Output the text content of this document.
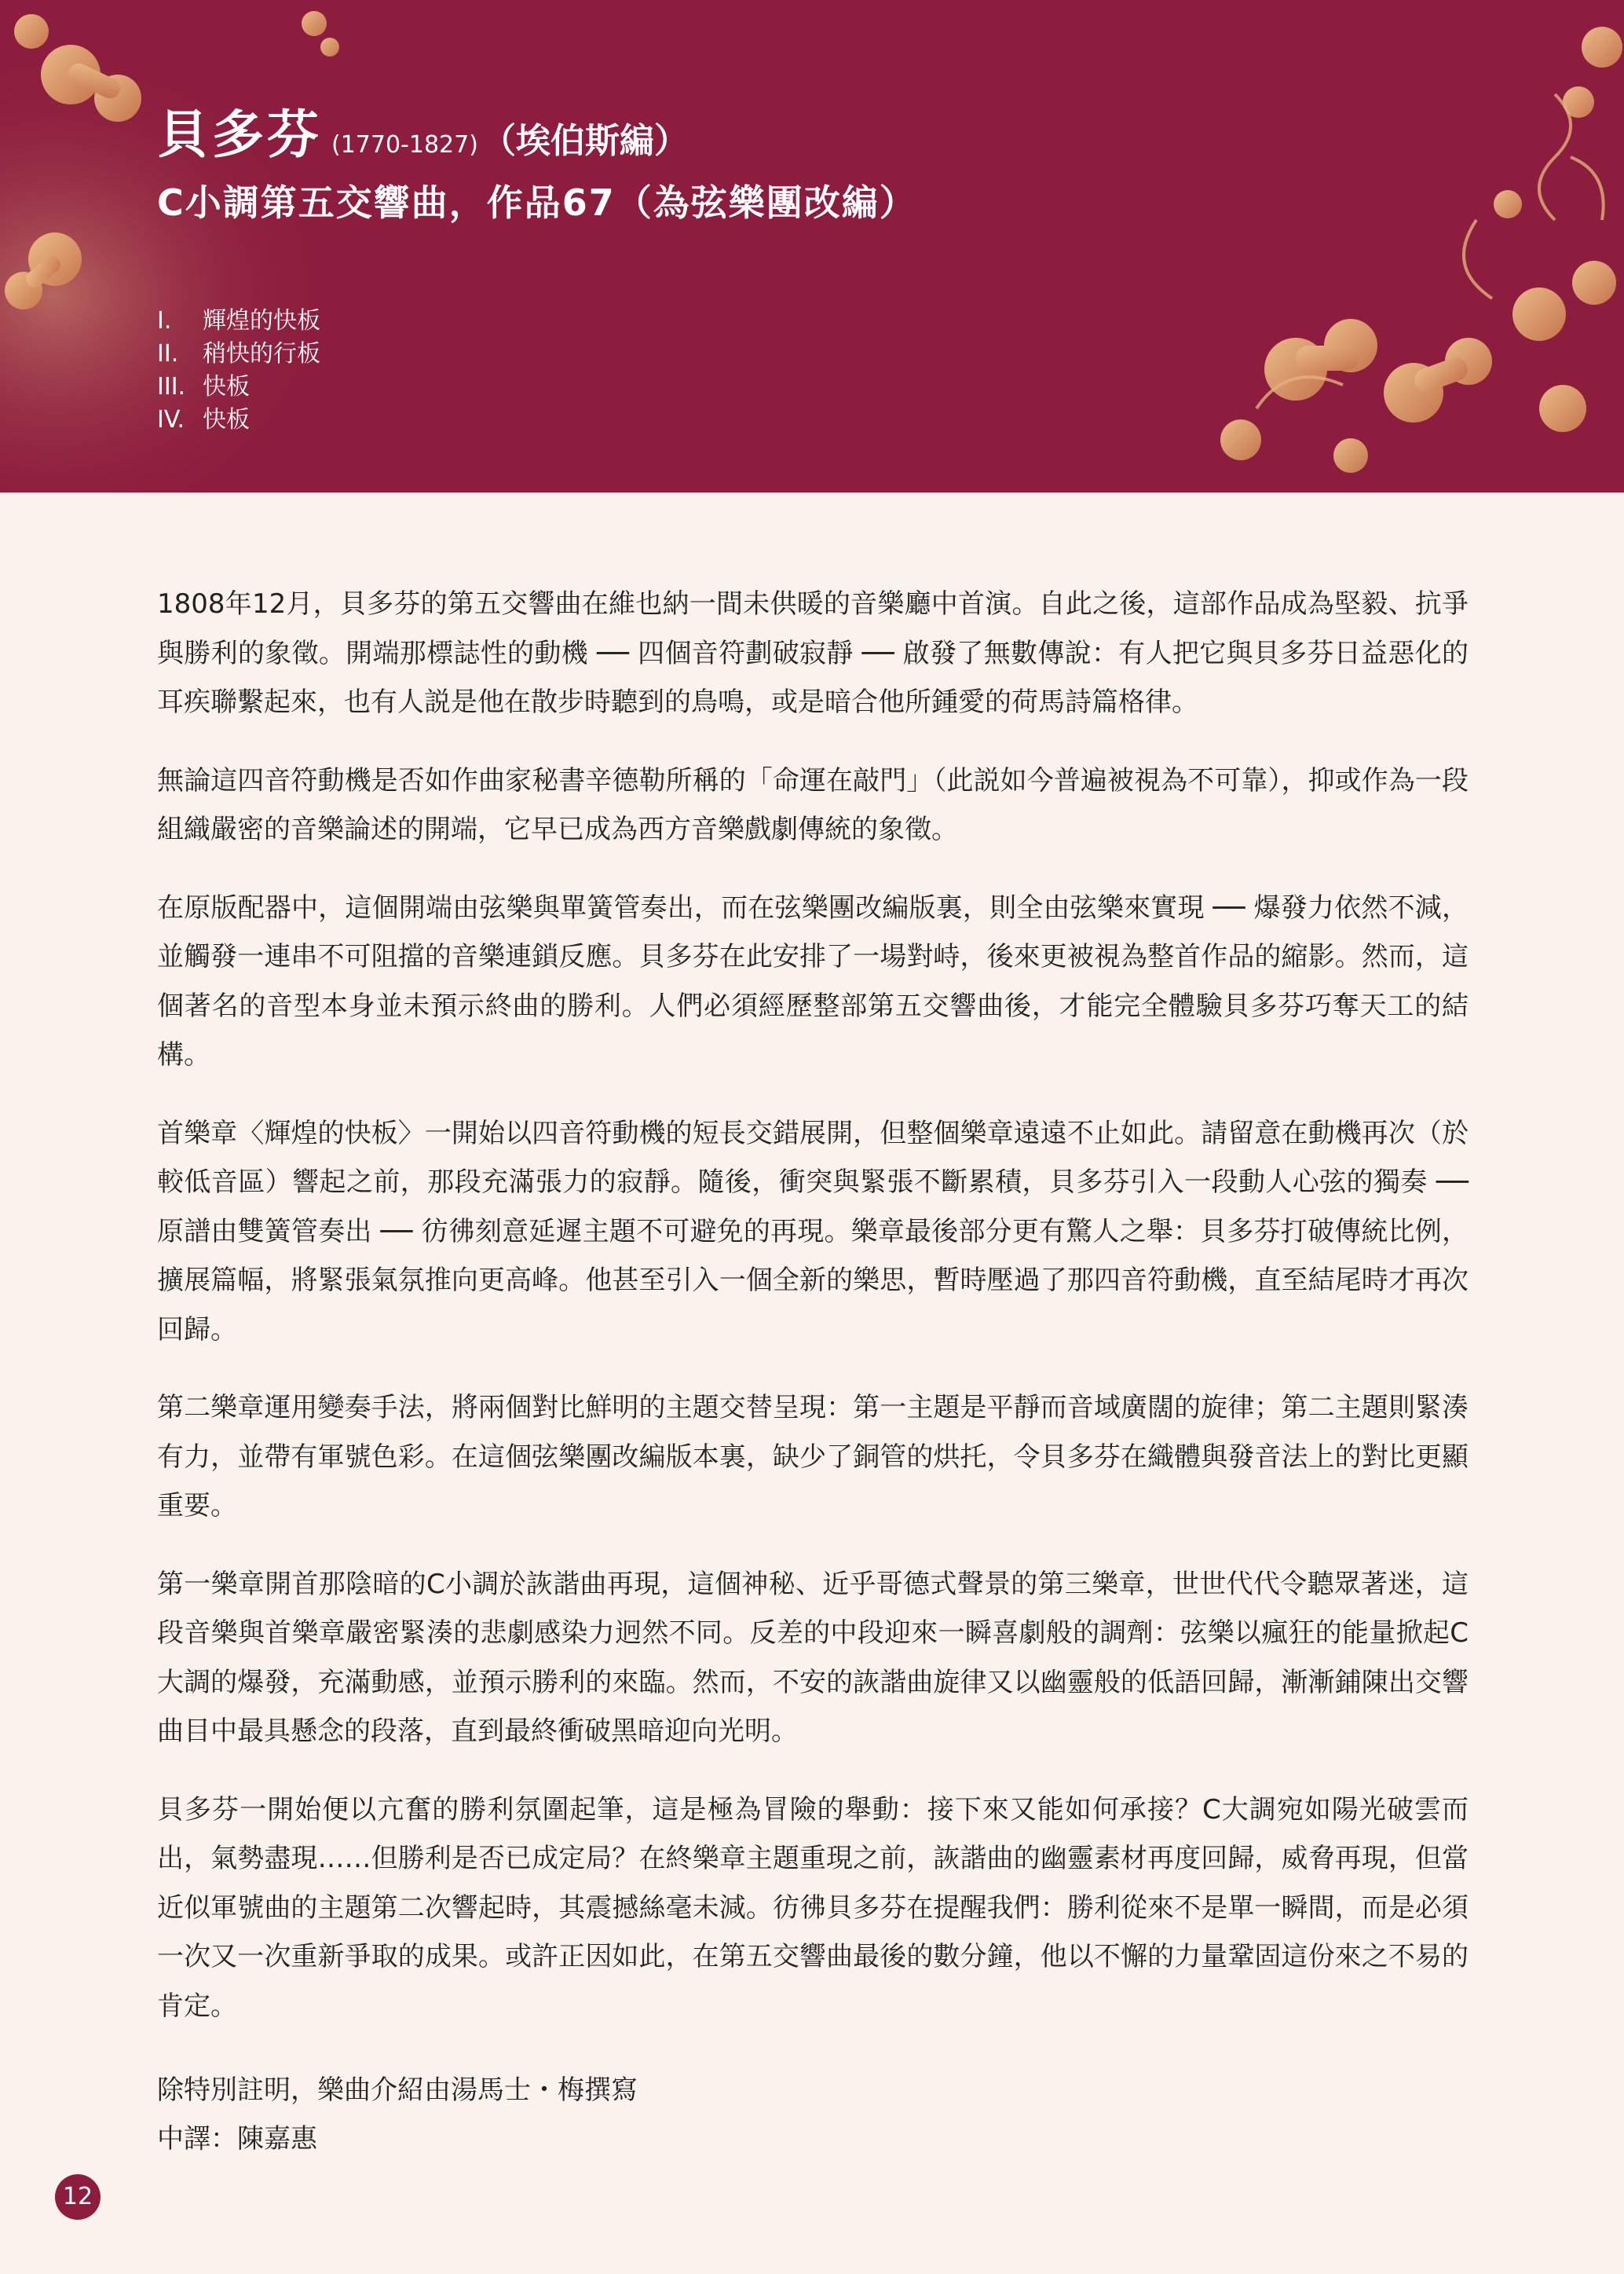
貝多芬 (1770-1827)（埃伯斯編）
C小調第五交響曲，作品67（為弦樂團改編）
I.	輝煌的快板
II.	稍快的行板
III. 快板
IV. 快板

1808年12月，貝多芬的第五交響曲在維也納一間未供暖的音樂廳中首演。自此之後，這部作品成為堅毅、抗爭與勝利的象徵。開端那標誌性的動機 ── 四個音符劃破寂靜 ── 啟發了無數傳說：有人把它與貝多芬日益惡化的耳疾聯繫起來，也有人説是他在散步時聽到的鳥鳴，或是暗合他所鍾愛的荷馬詩篇格律。

無論這四音符動機是否如作曲家秘書辛德勒所稱的「命運在敲門」（此説如今普遍被視為不可靠），抑或作為一段組織嚴密的音樂論述的開端，它早已成為西方音樂戲劇傳統的象徵。

在原版配器中，這個開端由弦樂與單簧管奏出，而在弦樂團改編版裏，則全由弦樂來實現 ── 爆發力依然不減，並觸發一連串不可阻擋的音樂連鎖反應。貝多芬在此安排了一場對峙，後來更被視為整首作品的縮影。然而，這個著名的音型本身並未預示終曲的勝利。人們必須經歷整部第五交響曲後，才能完全體驗貝多芬巧奪天工的結構。

首樂章〈輝煌的快板〉一開始以四音符動機的短長交錯展開，但整個樂章遠遠不止如此。請留意在動機再次（於較低音區）響起之前，那段充滿張力的寂靜。隨後，衝突與緊張不斷累積，貝多芬引入一段動人心弦的獨奏 ── 原譜由雙簧管奏出 ── 彷彿刻意延遲主題不可避免的再現。樂章最後部分更有驚人之舉：貝多芬打破傳統比例，擴展篇幅，將緊張氣氛推向更高峰。他甚至引入一個全新的樂思，暫時壓過了那四音符動機，直至結尾時才再次回歸。

第二樂章運用變奏手法，將兩個對比鮮明的主題交替呈現：第一主題是平靜而音域廣闊的旋律；第二主題則緊湊有力，並帶有軍號色彩。在這個弦樂團改編版本裏，缺少了銅管的烘托，令貝多芬在織體與發音法上的對比更顯重要。

第一樂章開首那陰暗的C小調於詼諧曲再現，這個神秘、近乎哥德式聲景的第三樂章，世世代代令聽眾著迷，這段音樂與首樂章嚴密緊湊的悲劇感染力迥然不同。反差的中段迎來一瞬喜劇般的調劑：弦樂以瘋狂的能量掀起C大調的爆發，充滿動感，並預示勝利的來臨。然而，不安的詼諧曲旋律又以幽靈般的低語回歸，漸漸鋪陳出交響曲目中最具懸念的段落，直到最終衝破黑暗迎向光明。

貝多芬一開始便以亢奮的勝利氛圍起筆，這是極為冒險的舉動：接下來又能如何承接？C大調宛如陽光破雲而出，氣勢盡現……但勝利是否已成定局？在終樂章主題重現之前，詼諧曲的幽靈素材再度回歸，威脅再現，但當近似軍號曲的主題第二次響起時，其震撼絲毫未減。彷彿貝多芬在提醒我們：勝利從來不是單一瞬間，而是必須一次又一次重新爭取的成果。或許正因如此，在第五交響曲最後的數分鐘，他以不懈的力量鞏固這份來之不易的肯定。

除特別註明，樂曲介紹由湯馬士・梅撰寫
中譯：陳嘉惠
12
